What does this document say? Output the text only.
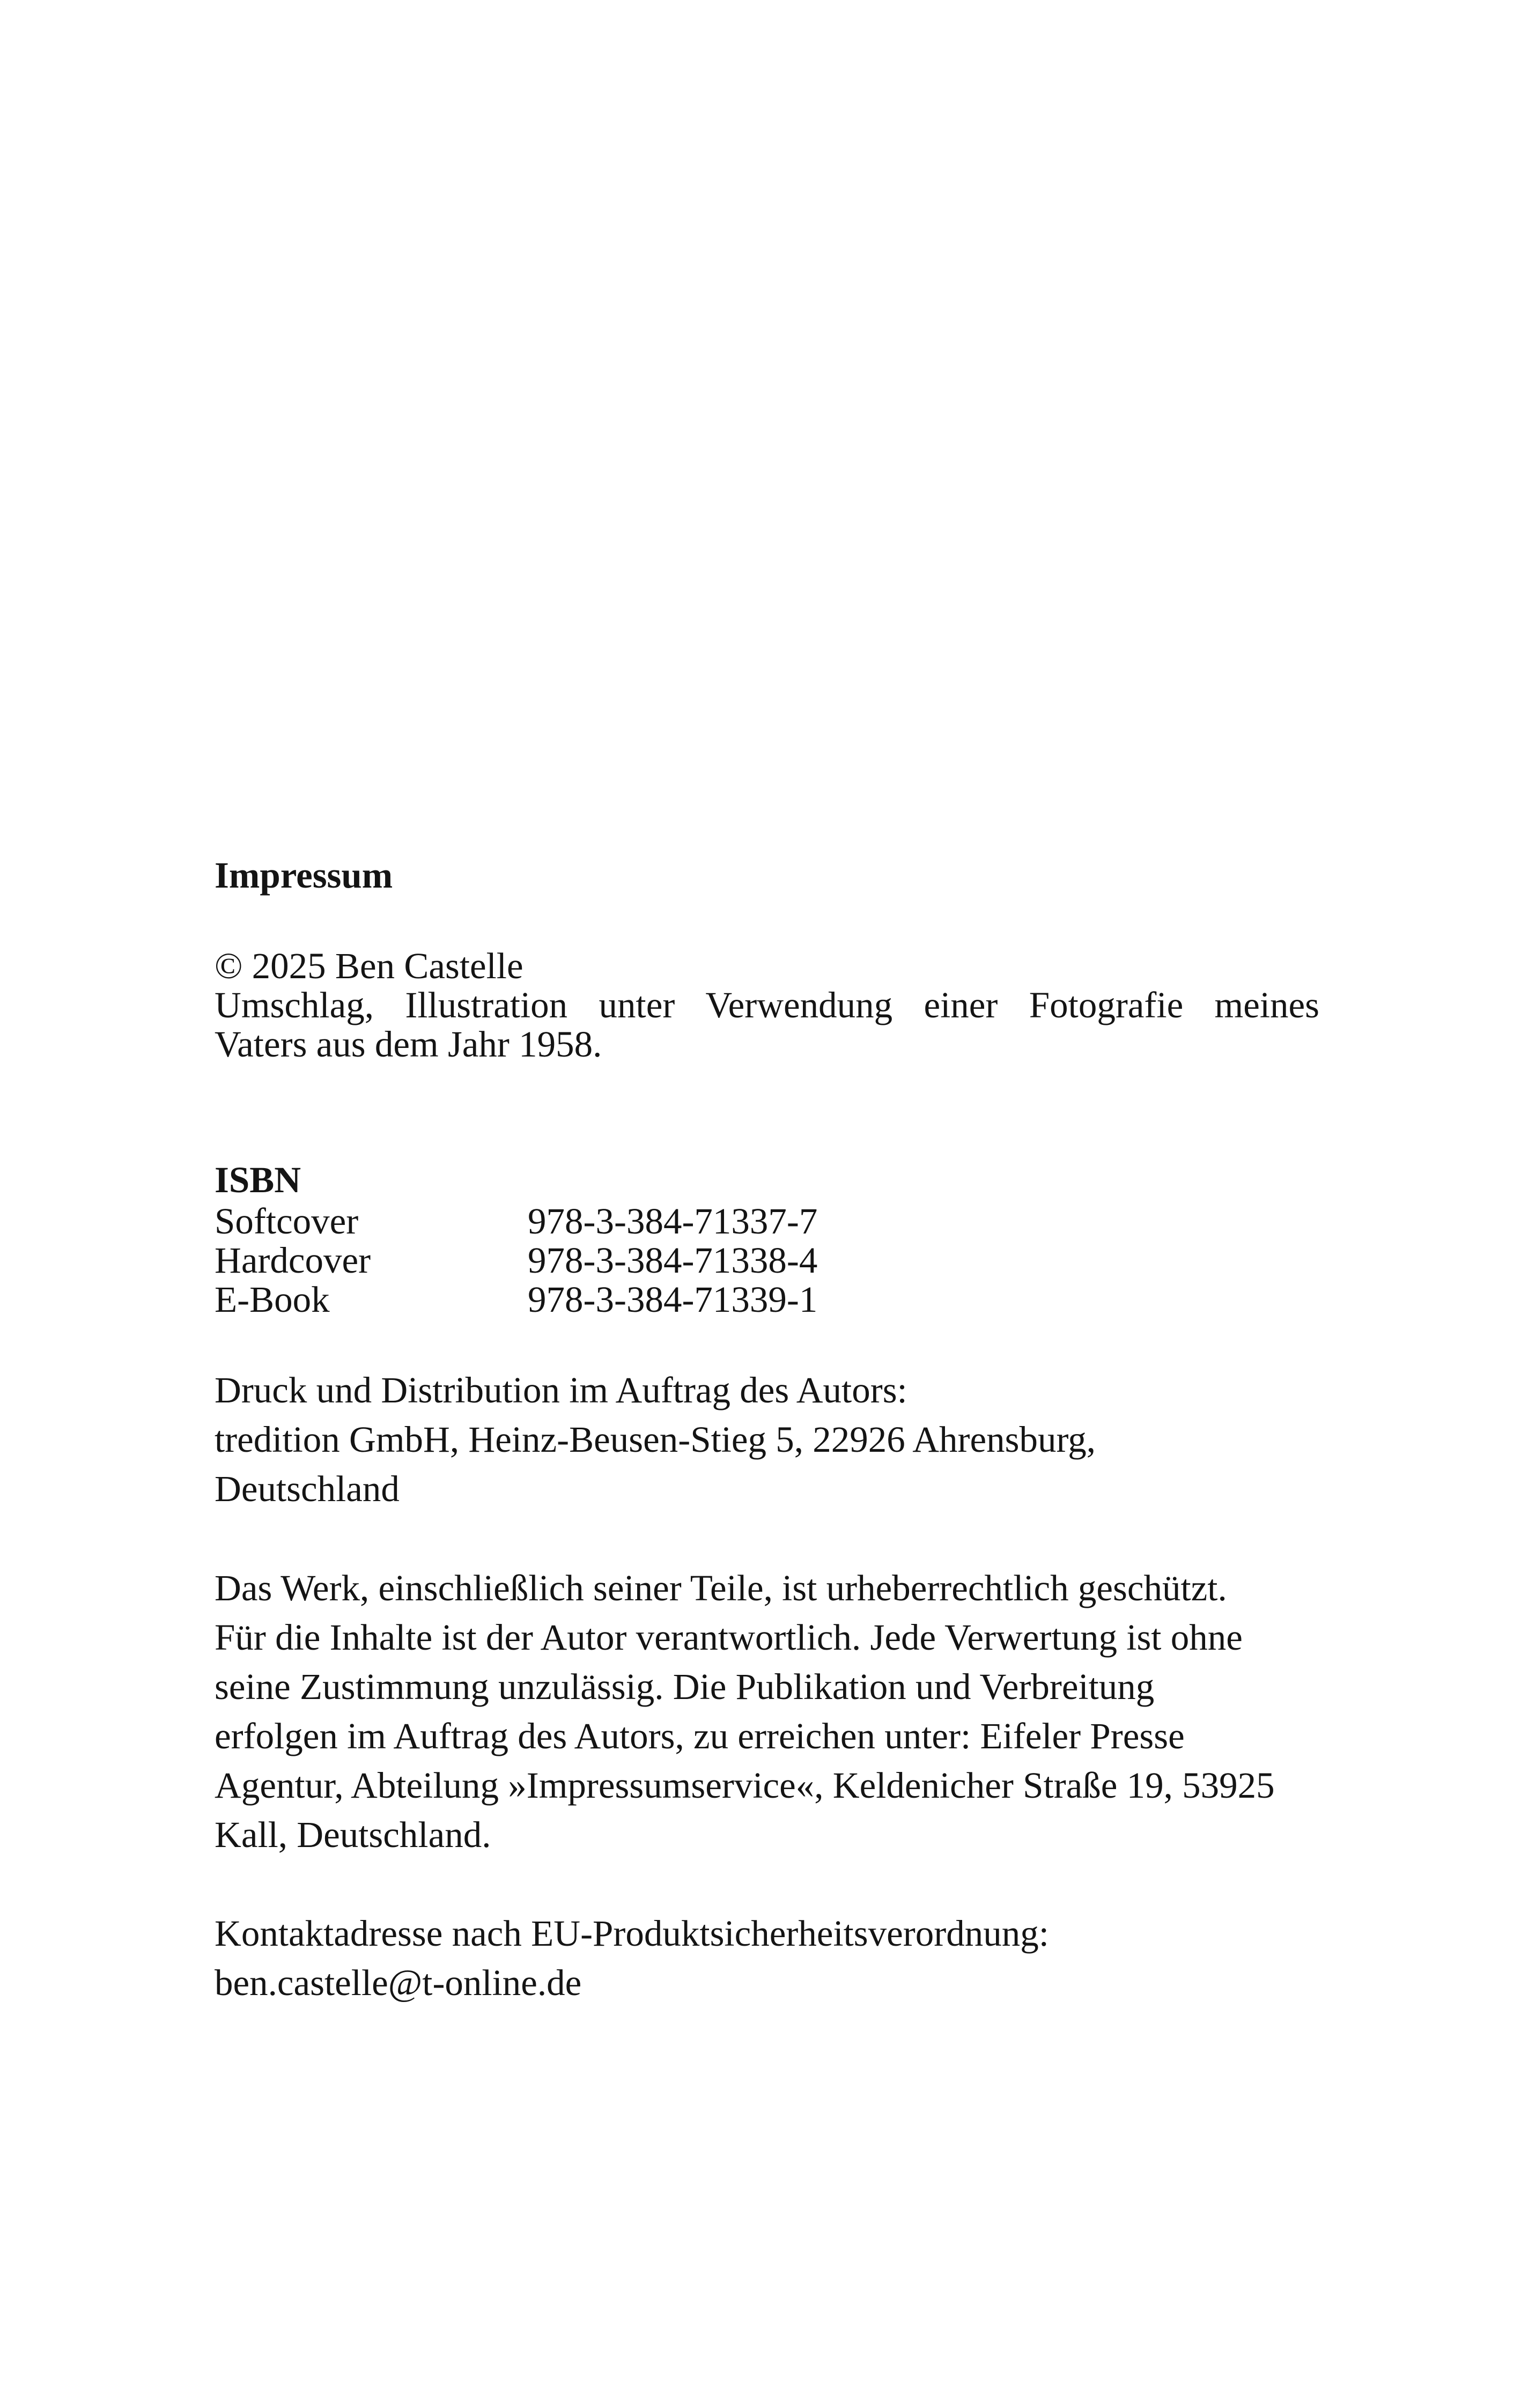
Impressum
© 2025 Ben Castelle
Umschlag, Illustration unter Verwendung einer Fotografie meines
Vaters aus dem Jahr 1958.
ISBN
Softcover	978-3-384-71337-7
Hardcover	978-3-384-71338-4
E-Book	978-3-384-71339-1
Druck und Distribution im Auftrag des Autors:
tredition GmbH, Heinz-Beusen-Stieg 5, 22926 Ahrensburg,
Deutschland
Das Werk, einschließlich seiner Teile, ist urheberrechtlich geschützt.
Für die Inhalte ist der Autor verantwortlich. Jede Verwertung ist ohne
seine Zustimmung unzulässig. Die Publikation und Verbreitung
erfolgen im Auftrag des Autors, zu erreichen unter: Eifeler Presse
Agentur, Abteilung »Impressumservice«, Keldenicher Straße 19, 53925
Kall, Deutschland.
Kontaktadresse nach EU-Produktsicherheitsverordnung:
ben.castelle@t-online.de
